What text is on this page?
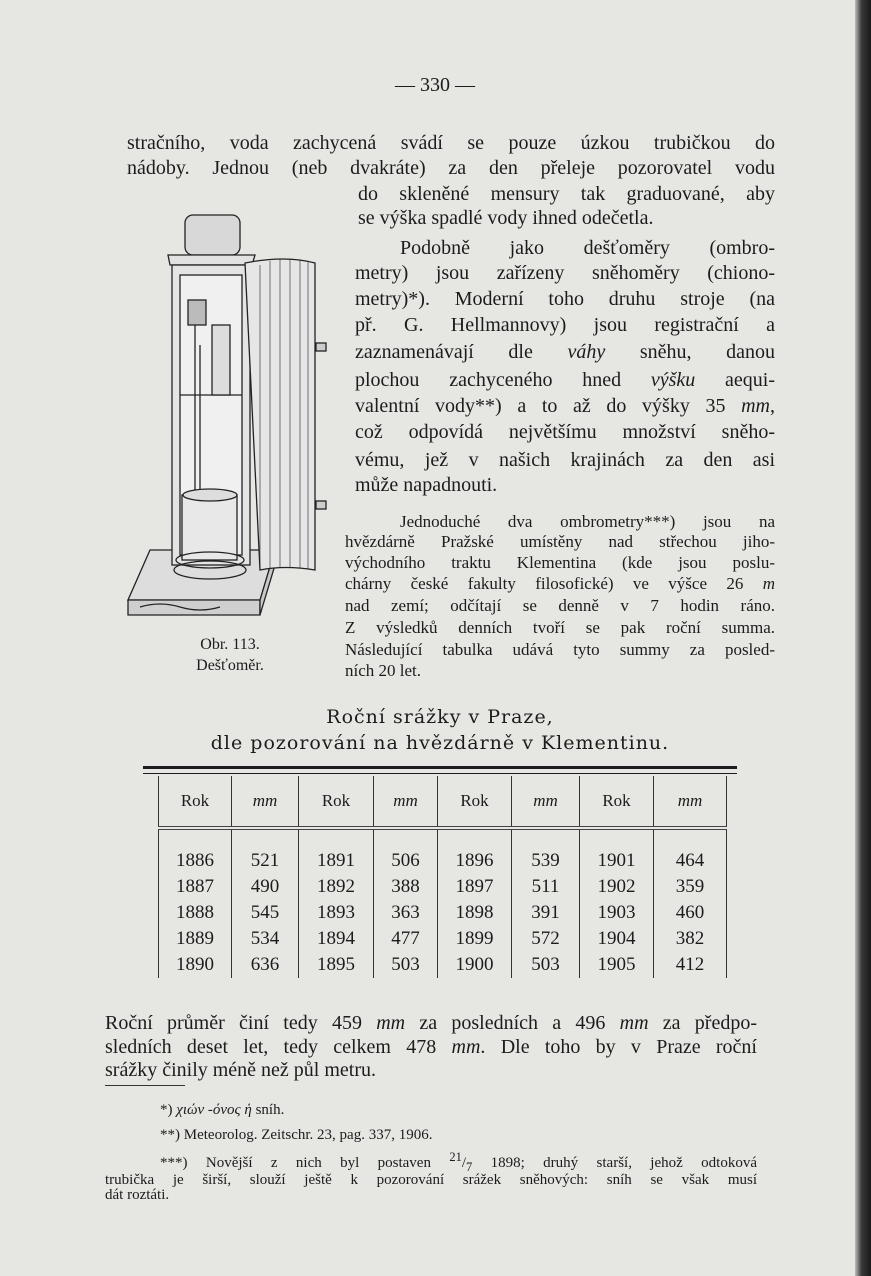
— 330 —
stračního, voda zachycená svádí se pouze úzkou trubičkou do
nádoby. Jednou (neb dvakráte) za den přeleje pozorovatel vodu
do skleněné mensury tak graduované, aby
se výška spadlé vody ihned odečetla.
Podobně jako dešťoměry (ombro-
metry) jsou zařízeny sněhoměry (chiono-
metry)*). Moderní toho druhu stroje (na
př. G. Hellmannovy) jsou registrační a
zaznamenávají dle váhy sněhu, danou
plochou zachyceného hned výšku aequi-
valentní vody**) a to až do výšky 35 mm,
což odpovídá největšímu množství sněho-
vému, jež v našich krajinách za den asi
může napadnouti.
Jednoduché dva ombrometry***) jsou na
hvězdárně Pražské umístěny nad střechou jiho-
východního traktu Klementina (kde jsou poslu-
chárny české fakulty filosofické) ve výšce 26 m
nad zemí; odčítají se denně v 7 hodin ráno.
Z výsledků denních tvoří se pak roční summa.
Následující tabulka udává tyto summy za posled-
ních 20 let.
Roční průměr činí tedy 459 mm za posledních a 496 mm za předpo-
sledních deset let, tedy celkem 478 mm. Dle toho by v Praze roční
srážky činily méně než půl metru.
*) χιών -όνος ἡ sníh.
**) Meteorolog. Zeitschr. 23, pag. 337, 1906.
***) Novější z nich byl postaven $^{21}/_7$ 1898; druhý starší, jehož odtoková
trubička je širší, slouží ještě k pozorování srážek sněhových: sníh se však musí
dát roztáti.
Obr. 113.
Dešťoměr.
Roční srážky v Praze,
dle pozorování na hvězdárně v Klementinu.
Rok	mm	Rok	mm	Rok	mm	Rok	mm
1886	521	1891	506	1896	539	1901	464
1887	490	1892	388	1897	511	1902	359
1888	545	1893	363	1898	391	1903	460
1889	534	1894	477	1899	572	1904	382
1890	636	1895	503	1900	503	1905	412
